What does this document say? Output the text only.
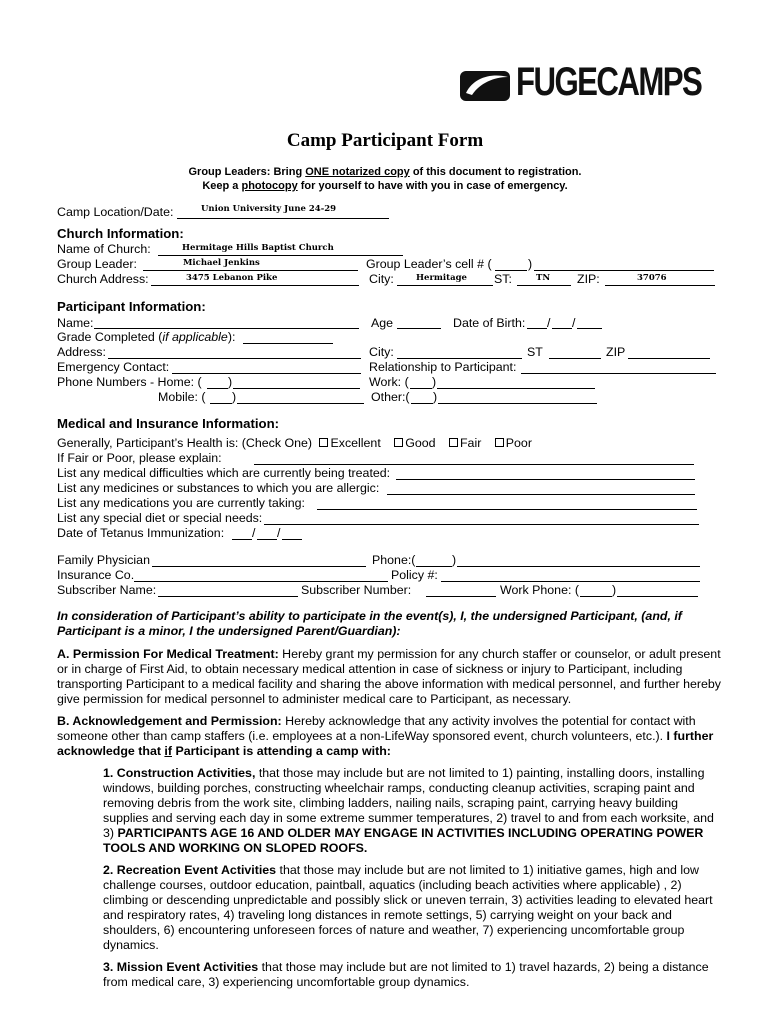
FUGECAMPS
Camp Participant Form
Group Leaders: Bring ONE notarized copy of this document to registration.
Keep a photocopy for yourself to have with you in case of emergency.
Camp Location/Date:	Union University June 24-29
Church Information:
Name of Church:	Hermitage Hills Baptist Church
Group Leader:	Michael Jenkins	Group Leader’s cell # (	)
Church Address:	3475 Lebanon Pike	City:	Hermitage ST:	TN ZIP:	37076
Participant Information:
Name:	Age	Date of Birth: / /
Grade Completed (if applicable):
Address:	City:	ST	ZIP
Emergency Contact:	Relationship to Participant:
Phone Numbers - Home: ( )	Work: ( )
Mobile: ( )	Other:( )
Medical and Insurance Information:
Generally, Participant’s Health is: (Check One) Excellent Good Fair Poor
If Fair or Poor, please explain:
List any medical difficulties which are currently being treated:
List any medicines or substances to which you are allergic:
List any medications you are currently taking:
List any special diet or special needs:
Date of Tetanus Immunization: / /
Family Physician	Phone:(	)
Insurance Co.	Policy #:
Subscriber Name:	Subscriber Number:	Work Phone: (	)
In consideration of Participant’s ability to participate in the event(s), I, the undersigned Participant, (and, if Participant is a minor, I the undersigned Parent/Guardian):
A. Permission For Medical Treatment: Hereby grant my permission for any church staffer or counselor, or adult present or in charge of First Aid, to obtain necessary medical attention in case of sickness or injury to Participant, including transporting Participant to a medical facility and sharing the above information with medical personnel, and further hereby give permission for medical personnel to administer medical care to Participant, as necessary.
B. Acknowledgement and Permission: Hereby acknowledge that any activity involves the potential for contact with someone other than camp staffers (i.e. employees at a non-LifeWay sponsored event, church volunteers, etc.). I further acknowledge that if Participant is attending a camp with:
1. Construction Activities, that those may include but are not limited to 1) painting, installing doors, installing windows, building porches, constructing wheelchair ramps, conducting cleanup activities, scraping paint and removing debris from the work site, climbing ladders, nailing nails, scraping paint, carrying heavy building supplies and serving each day in some extreme summer temperatures, 2) travel to and from each worksite, and 3) PARTICIPANTS AGE 16 AND OLDER MAY ENGAGE IN ACTIVITIES INCLUDING OPERATING POWER TOOLS AND WORKING ON SLOPED ROOFS.
2. Recreation Event Activities that those may include but are not limited to 1) initiative games, high and low challenge courses, outdoor education, paintball, aquatics (including beach activities where applicable) , 2) climbing or descending unpredictable and possibly slick or uneven terrain, 3) activities leading to elevated heart and respiratory rates, 4) traveling long distances in remote settings, 5) carrying weight on your back and shoulders, 6) encountering unforeseen forces of nature and weather, 7) experiencing uncomfortable group dynamics.
3. Mission Event Activities that those may include but are not limited to 1) travel hazards, 2) being a distance from medical care, 3) experiencing uncomfortable group dynamics.
